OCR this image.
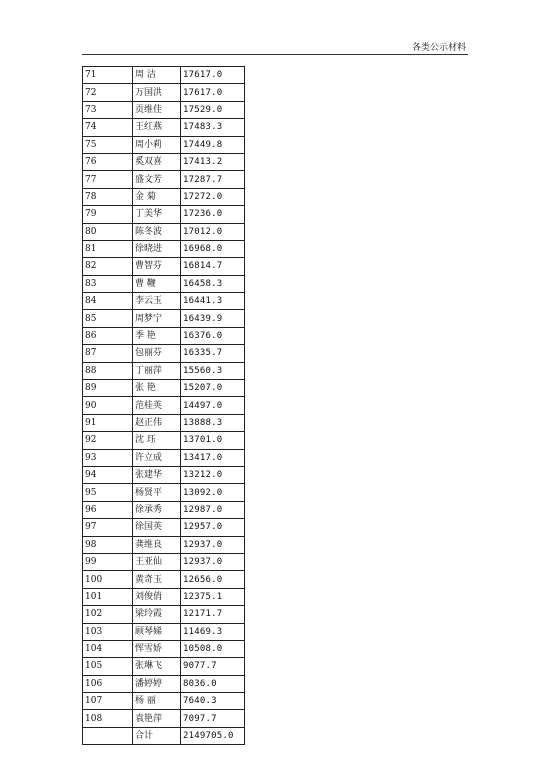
各类公示材料
71	周 洁	17617.0
72	万国洪	17617.0
73	贡维佳	17529.0
74	王红燕	17483.3
75	周小莉	17449.8
76	奚双喜	17413.2
77	盛文芳	17287.7
78	金 菊	17272.0
79	丁美华	17236.0
80	陈冬波	17012.0
81	徐晓进	16968.0
82	曹智芬	16814.7
83	曹 鞭	16458.3
84	李云玉	16441.3
85	周梦宁	16439.9
86	季 艳	16376.0
87	包丽芬	16335.7
88	丁丽萍	15560.3
89	张 艳	15207.0
90	范桂英	14497.0
91	赵正伟	13888.3
92	沈 珏	13701.0
93	许立成	13417.0
94	张建华	13212.0
95	杨贤平	13092.0
96	徐承秀	12987.0
97	徐国英	12957.0
98	龚维良	12937.0
99	王亚仙	12937.0
100	黄奇玉	12656.0
101	刘俊俏	12375.1
102	梁玲霞	12171.7
103	顾琴娣	11469.3
104	恽雪娇	10508.0
105	张琳飞	9077.7
106	潘婷婷	8036.0
107	杨 丽	7640.3
108	袁艳萍	7097.7
	合计	2149705.0
